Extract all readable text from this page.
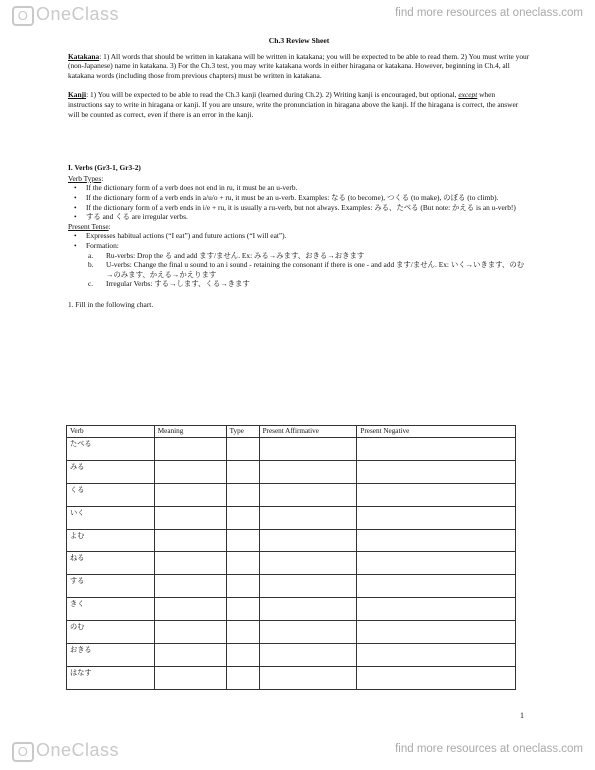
O OneClass	find more resources at oneclass.com
Ch.3 Review Sheet

Katakana: 1) All words that should be written in katakana will be written in katakana; you will be expected to be able to read them. 2) You must write your (non-Japanese) name in katakana. 3) For the Ch.3 test, you may write katakana words in either hiragana or katakana. However, beginning in Ch.4, all katakana words (including those from previous chapters) must be written in katakana.

Kanji: 1) You will be expected to be able to read the Ch.3 kanji (learned during Ch.2). 2) Writing kanji is encouraged, but optional, except when instructions say to write in hiragana or kanji. If you are unsure, write the pronunciation in hiragana above the kanji. If the hiragana is correct, the answer will be counted as correct, even if there is an error in the kanji.

I. Verbs (Gr3-1, Gr3-2)

Verb Types:
• If the dictionary form of a verb does not end in ru, it must be an u-verb.
• If the dictionary form of a verb ends in a/u/o + ru, it must be an u-verb. Examples: なる (to become), つくる (to make), のぼる (to climb).
• If the dictionary form of a verb ends in i/e + ru, it is usually a ru-verb, but not always. Examples: みる、たべる (But note: かえる is an u-verb!)
• する and くる are irregular verbs.
Present Tense:
• Expresses habitual actions (“I eat”) and future actions (“I will eat”).
• Formation:
a. Ru-verbs: Drop the る and add ます/ません. Ex: みる→みます、おきる→おきます
b. U-verbs: Change the final u sound to an i sound - retaining the consonant if there is one - and add ます/ません. Ex: いく→いきます、のむ→のみます、かえる→かえります
c. Irregular Verbs: する→します、くる→きます

1. Fill in the following chart.

Verb	Meaning	Type	Present Affirmative	Present Negative
たべる				
みる				
くる				
いく				
よむ				
ねる				
する				
きく				
のむ				
おきる				
はなす				
1
O OneClass	find more resources at oneclass.com
